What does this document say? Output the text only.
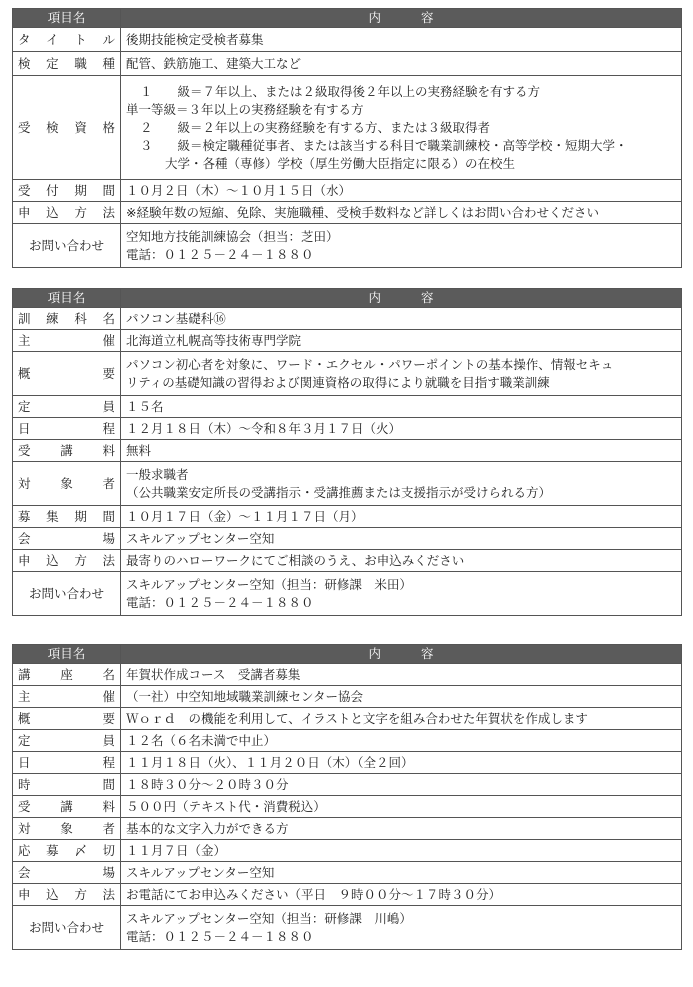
項目名	内 容
タイトル	後期技能検定受検者募集

検定職種	配管、鉄筋施工、建築大工など

受検資格	１　　級＝７年以上、または２級取得後２年以上の実務経験を有する方
単一等級＝３年以上の実務経験を有する方
２　　級＝２年以上の実務経験を有する方、または３級取得者
３　　級＝検定職種従事者、または該当する科目で職業訓練校・高等学校・短期大学・
大学・各種（専修）学校（厚生労働大臣指定に限る）の在校生

受付期間	１０月２日（木）～１０月１５日（水）

申込方法	※経験年数の短縮、免除、実施職種、受検手数料など詳しくはお問い合わせください

お問い合わせ	空知地方技能訓練協会（担当：芝田）
電話：０１２５－２４－１８８０
項目名	内 容
訓練科名	パソコン基礎科⑯

主催	北海道立札幌高等技術専門学院

概要	パソコン初心者を対象に、ワード・エクセル・パワーポイントの基本操作、情報セキュ
リティの基礎知識の習得および関連資格の取得により就職を目指す職業訓練

定員	１５名

日程	１２月１８日（木）～令和８年３月１７日（火）

受講料	無料

対象者	一般求職者
（公共職業安定所長の受講指示・受講推薦または支援指示が受けられる方）

募集期間	１０月１７日（金）～１１月１７日（月）

会場	スキルアップセンター空知

申込方法	最寄りのハローワークにてご相談のうえ、お申込みください

お問い合わせ	スキルアップセンター空知（担当：研修課　米田）
電話：０１２５－２４－１８８０
項目名	内 容
講座名	年賀状作成コース　受講者募集

主催	（一社）中空知地域職業訓練センター協会

概要	Ｗｏｒｄ　の機能を利用して、イラストと文字を組み合わせた年賀状を作成します

定員	１２名（６名未満で中止）

日程	１１月１８日（火）、１１月２０日（木）（全２回）

時間	１８時３０分～２０時３０分

受講料	５００円（テキスト代・消費税込）

対象者	基本的な文字入力ができる方

応募〆切	１１月７日（金）

会場	スキルアップセンター空知

申込方法	お電話にてお申込みください（平日　９時００分～１７時３０分）

お問い合わせ	スキルアップセンター空知（担当：研修課　川嶋）
電話：０１２５－２４－１８８０
